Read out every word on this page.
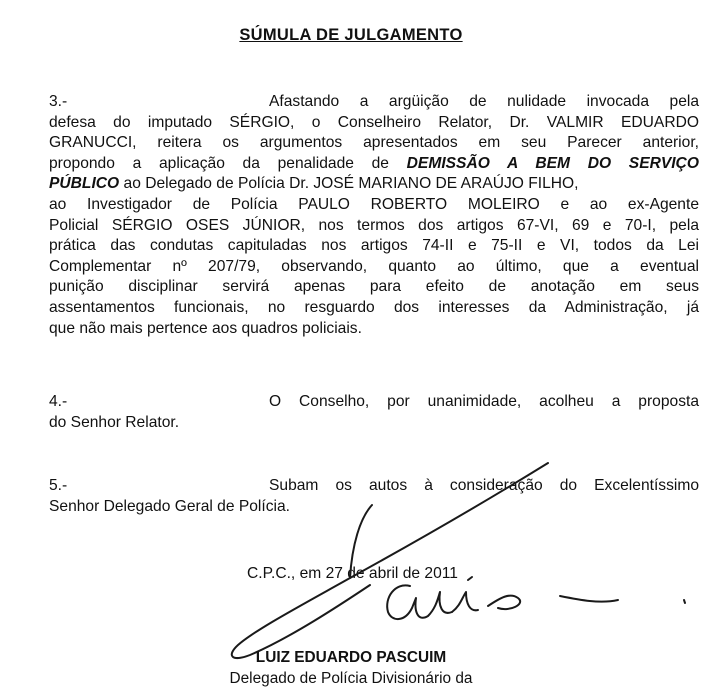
SÚMULA DE JULGAMENTO
3.-	Afastando a argüição de nulidade invocada pela
defesa do imputado SÉRGIO, o Conselheiro Relator, Dr. VALMIR EDUARDO
GRANUCCI, reitera os argumentos apresentados em seu Parecer anterior,
propondo a aplicação da penalidade de DEMISSÃO A BEM DO SERVIÇO
PÚBLICO ao Delegado de Polícia Dr. JOSÉ MARIANO DE ARAÚJO FILHO,
ao Investigador de Polícia PAULO ROBERTO MOLEIRO e ao ex-Agente
Policial SÉRGIO OSES JÚNIOR, nos termos dos artigos 67-VI, 69 e 70-I, pela
prática das condutas capituladas nos artigos 74-II e 75-II e VI, todos da Lei
Complementar nº 207/79, observando, quanto ao último, que a eventual
punição disciplinar servirá apenas para efeito de anotação em seus
assentamentos funcionais, no resguardo dos interesses da Administração, já
que não mais pertence aos quadros policiais.
4.-	O Conselho, por unanimidade, acolheu a proposta
do Senhor Relator.
5.-	Subam os autos à consideração do Excelentíssimo
Senhor Delegado Geral de Polícia.
C.P.C., em 27 de abril de 2011
LUIZ EDUARDO PASCUIM
Delegado de Polícia Divisionário da
